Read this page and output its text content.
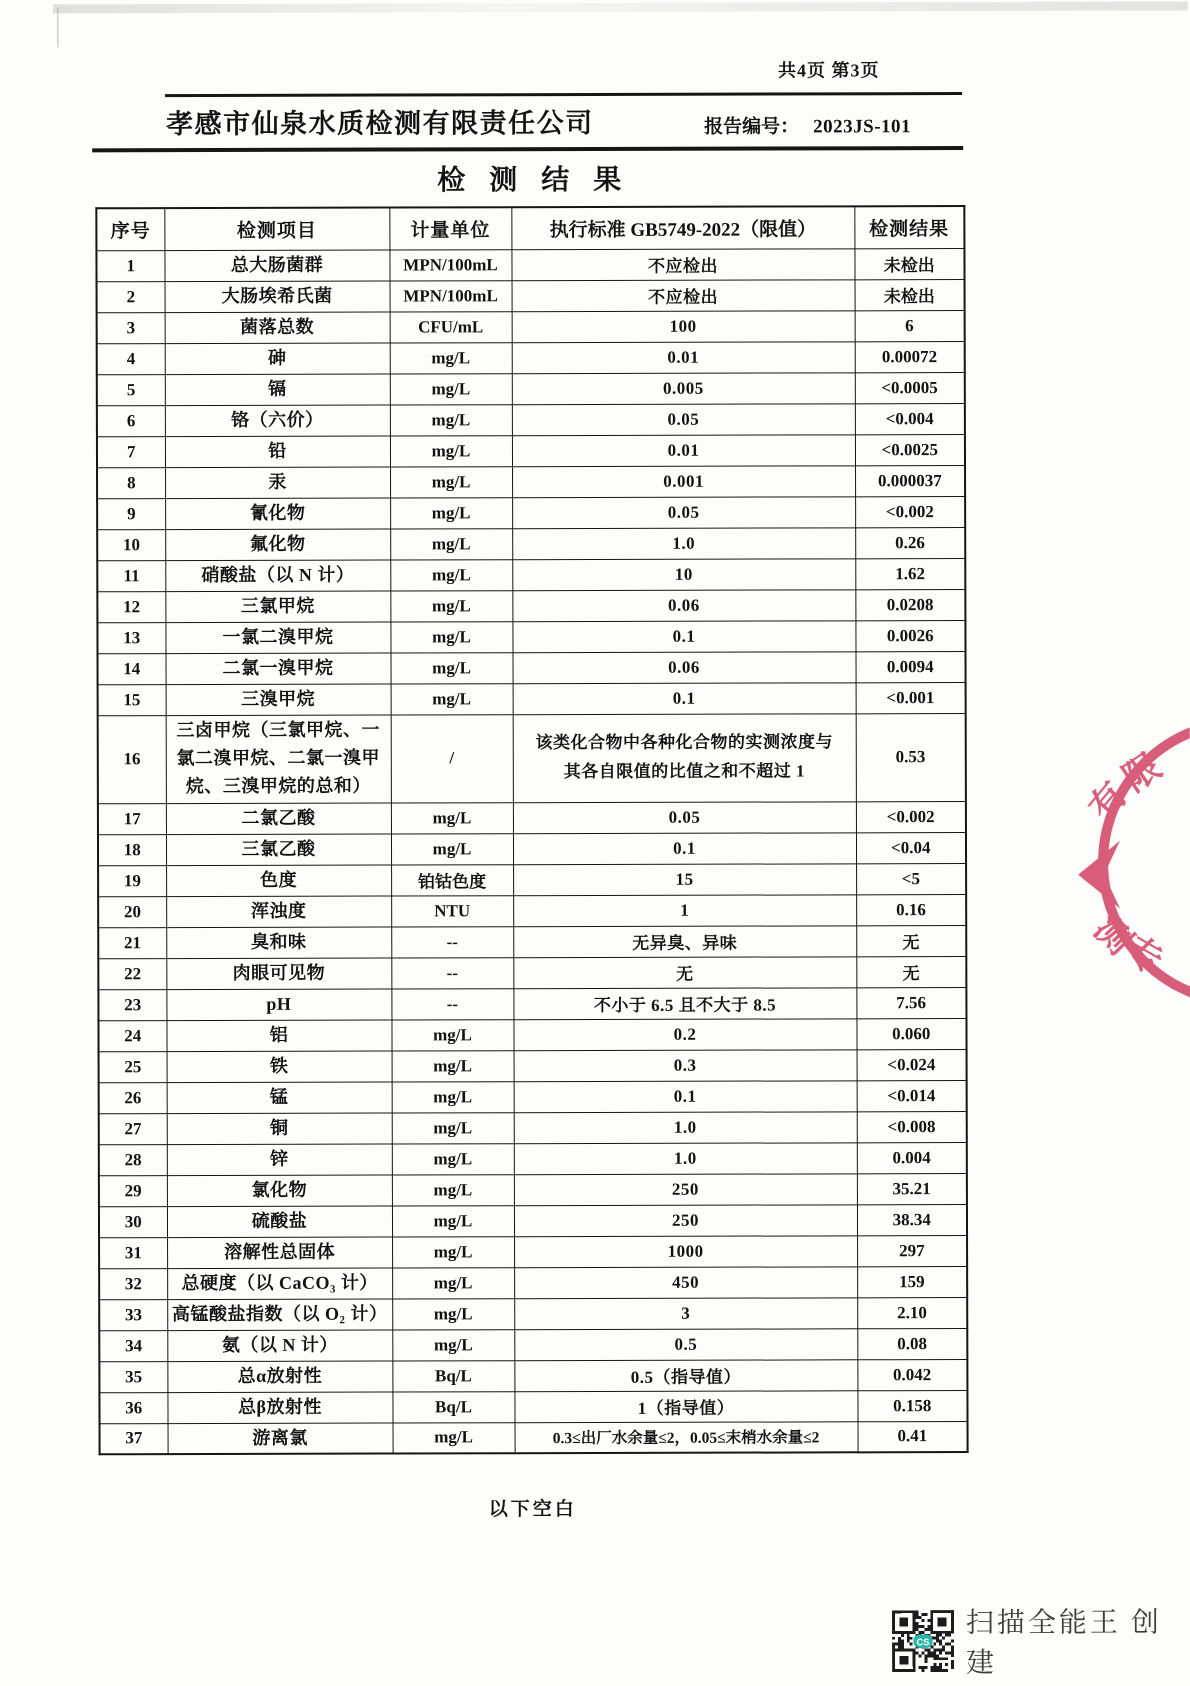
共4页 第3页
孝感市仙泉水质检测有限责任公司	报告编号： 2023JS-101
检测结果
序号	检测项目	计量单位	执行标准 GB5749-2022（限值）	检测结果
1	总大肠菌群	MPN/100mL	不应检出	未检出
2	大肠埃希氏菌	MPN/100mL	不应检出	未检出
3	菌落总数	CFU/mL	100	6
4	砷	mg/L	0.01	0.00072
5	镉	mg/L	0.005	<0.0005
6	铬（六价）	mg/L	0.05	<0.004
7	铅	mg/L	0.01	<0.0025
8	汞	mg/L	0.001	0.000037
9	氰化物	mg/L	0.05	<0.002
10	氟化物	mg/L	1.0	0.26
11	硝酸盐（以 N 计）	mg/L	10	1.62
12	三氯甲烷	mg/L	0.06	0.0208
13	一氯二溴甲烷	mg/L	0.1	0.0026
14	二氯一溴甲烷	mg/L	0.06	0.0094
15	三溴甲烷	mg/L	0.1	<0.001
16	三卤甲烷（三氯甲烷、一氯二溴甲烷、二氯一溴甲烷、三溴甲烷的总和）	/	该类化合物中各种化合物的实测浓度与其各自限值的比值之和不超过 1	0.53
17	二氯乙酸	mg/L	0.05	<0.002
18	三氯乙酸	mg/L	0.1	<0.04
19	色度	铂钴色度	15	<5
20	浑浊度	NTU	1	0.16
21	臭和味	--	无异臭、异味	无
22	肉眼可见物	--	无	无
23	pH	--	不小于 6.5 且不大于 8.5	7.56
24	铝	mg/L	0.2	0.060
25	铁	mg/L	0.3	<0.024
26	锰	mg/L	0.1	<0.014
27	铜	mg/L	1.0	<0.008
28	锌	mg/L	1.0	0.004
29	氯化物	mg/L	250	35.21
30	硫酸盐	mg/L	250	38.34
31	溶解性总固体	mg/L	1000	297
32	总硬度（以 CaCO₃ 计）	mg/L	450	159
33	高锰酸盐指数（以 O₂ 计）	mg/L	3	2.10
34	氨（以 N 计）	mg/L	0.5	0.08
35	总α放射性	Bq/L	0.5（指导值）	0.042
36	总β放射性	Bq/L	1（指导值）	0.158
37	游离氯	mg/L	0.3≤出厂水余量≤2，0.05≤末梢水余量≤2	0.41
以下空白
有
限
测
专
CS
扫描全能王 创建
